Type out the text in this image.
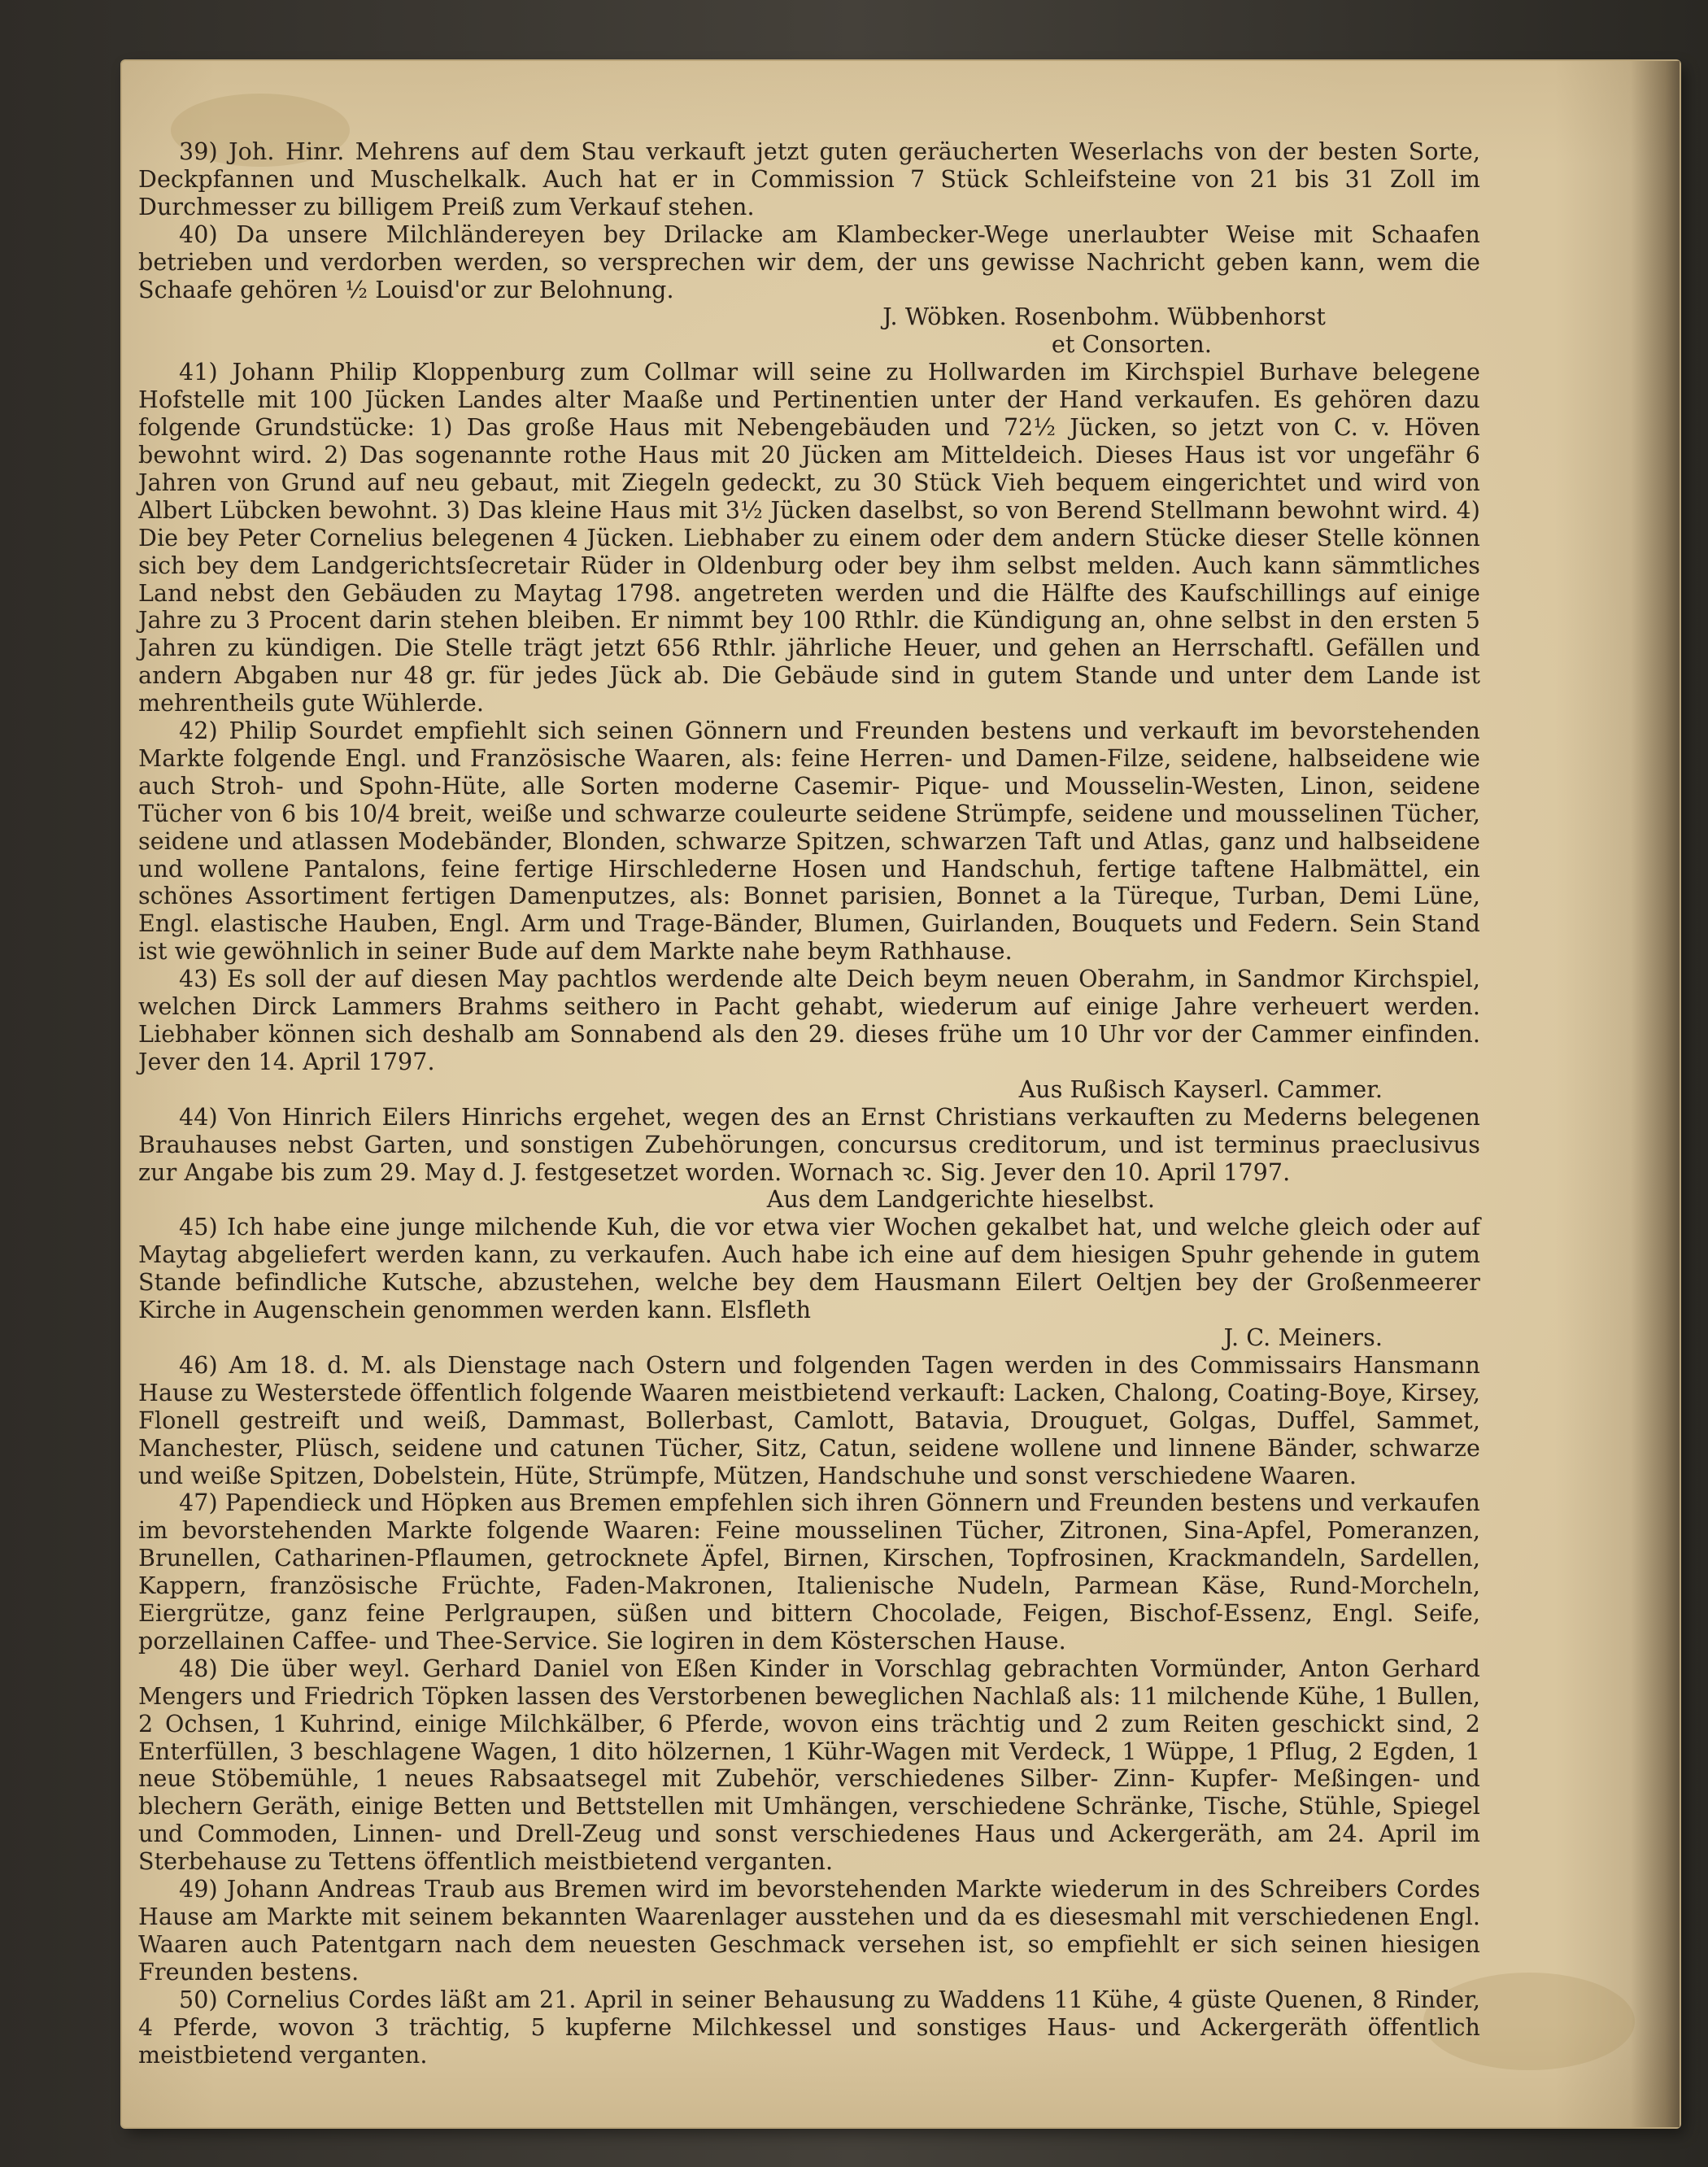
39) Joh. Hinr. Mehrens auf dem Stau verkauft jetzt guten geräucherten Weserlachs von der besten Sorte, Deckpfannen und Muschelkalk. Auch hat er in Commission 7 Stück Schleifsteine von 21 bis 31 Zoll im Durchmesser zu billigem Preiß zum Verkauf stehen.

40) Da unsere Milchländereyen bey Drilacke am Klambecker-Wege unerlaubter Weise mit Schaafen betrieben und verdorben werden, so versprechen wir dem, der uns gewisse Nachricht geben kann, wem die Schaafe gehören ½ Louisd'or zur Belohnung.

J. Wöbken. Rosenbohm. Wübbenhorst

et Consorten.

41) Johann Philip Kloppenburg zum Collmar will seine zu Hollwarden im Kirchspiel Burhave belegene Hofstelle mit 100 Jücken Landes alter Maaße und Pertinentien unter der Hand verkaufen. Es gehören dazu folgende Grundstücke: 1) Das große Haus mit Nebengebäuden und 72½ Jücken, so jetzt von C. v. Höven bewohnt wird. 2) Das sogenannte rothe Haus mit 20 Jücken am Mitteldeich. Dieses Haus ist vor ungefähr 6 Jahren von Grund auf neu gebaut, mit Ziegeln gedeckt, zu 30 Stück Vieh bequem eingerichtet und wird von Albert Lübcken bewohnt. 3) Das kleine Haus mit 3½ Jücken daselbst, so von Berend Stellmann bewohnt wird. 4) Die bey Peter Cornelius belegenen 4 Jücken. Liebhaber zu einem oder dem andern Stücke dieser Stelle können sich bey dem Landgerichtsſecretair Rüder in Oldenburg oder bey ihm selbst melden. Auch kann sämmtliches Land nebst den Gebäuden zu Maytag 1798. angetreten werden und die Hälfte des Kaufschillings auf einige Jahre zu 3 Procent darin stehen bleiben. Er nimmt bey 100 Rthlr. die Kündigung an, ohne selbst in den ersten 5 Jahren zu kündigen. Die Stelle trägt jetzt 656 Rthlr. jährliche Heuer, und gehen an Herrschaftl. Gefällen und andern Abgaben nur 48 gr. für jedes Jück ab. Die Gebäude sind in gutem Stande und unter dem Lande ist mehrentheils gute Wühlerde.

42) Philip Sourdet empfiehlt sich seinen Gönnern und Freunden bestens und verkauft im bevorstehenden Markte folgende Engl. und Französische Waaren, als: feine Herren- und Damen-Filze, seidene, halbseidene wie auch Stroh- und Spohn-Hüte, alle Sorten moderne Casemir- Pique- und Mousselin-Westen, Linon, seidene Tücher von 6 bis 10/4 breit, weiße und schwarze couleurte seidene Strümpfe, seidene und mousselinen Tücher, seidene und atlassen Modebänder, Blonden, schwarze Spitzen, schwarzen Taft und Atlas, ganz und halbseidene und wollene Pantalons, feine fertige Hirschlederne Hosen und Handschuh, fertige taftene Halbmättel, ein schönes Assortiment fertigen Damenputzes, als: Bonnet parisien, Bonnet a la Türeque, Turban, Demi Lüne, Engl. elastische Hauben, Engl. Arm und Trage-Bänder, Blumen, Guirlanden, Bouquets und Federn. Sein Stand ist wie gewöhnlich in seiner Bude auf dem Markte nahe beym Rathhause.

43) Es soll der auf diesen May pachtlos werdende alte Deich beym neuen Oberahm, in Sandmor Kirchspiel, welchen Dirck Lammers Brahms seithero in Pacht gehabt, wiederum auf einige Jahre verheuert werden. Liebhaber können sich deshalb am Sonnabend als den 29. dieses frühe um 10 Uhr vor der Cammer einfinden. Jever den 14. April 1797.

Aus Rußisch Kayserl. Cammer.

44) Von Hinrich Eilers Hinrichs ergehet, wegen des an Ernst Christians verkauften zu Mederns belegenen Brauhauses nebst Garten, und sonstigen Zubehörungen, concursus creditorum, und ist terminus praeclusivus zur Angabe bis zum 29. May d. J. festgesetzet worden. Wornach ꝛc. Sig. Jever den 10. April 1797.

Aus dem Landgerichte hieselbst.

45) Ich habe eine junge milchende Kuh, die vor etwa vier Wochen gekalbet hat, und welche gleich oder auf Maytag abgeliefert werden kann, zu verkaufen. Auch habe ich eine auf dem hiesigen Spuhr gehende in gutem Stande befindliche Kutsche, abzustehen, welche bey dem Hausmann Eilert Oeltjen bey der Großenmeerer Kirche in Augenschein genommen werden kann. Elsfleth

J. C. Meiners.

46) Am 18. d. M. als Dienstage nach Ostern und folgenden Tagen werden in des Commissairs Hansmann Hause zu Westerstede öffentlich folgende Waaren meistbietend verkauft: Lacken, Chalong, Coating-Boye, Kirsey, Flonell gestreift und weiß, Dammast, Bollerbast, Camlott, Batavia, Drouguet, Golgas, Duffel, Sammet, Manchester, Plüsch, seidene und catunen Tücher, Sitz, Catun, seidene wollene und linnene Bänder, schwarze und weiße Spitzen, Dobelstein, Hüte, Strümpfe, Mützen, Handschuhe und sonst verschiedene Waaren.

47) Papendieck und Höpken aus Bremen empfehlen sich ihren Gönnern und Freunden bestens und verkaufen im bevorstehenden Markte folgende Waaren: Feine mousselinen Tücher, Zitronen, Sina-Apfel, Pomeranzen, Brunellen, Catharinen-Pflaumen, getrocknete Äpfel, Birnen, Kirschen, Topfrosinen, Krackmandeln, Sardellen, Kappern, französische Früchte, Faden-Makronen, Italienische Nudeln, Parmean Käse, Rund-Morcheln, Eiergrütze, ganz feine Perlgraupen, süßen und bittern Chocolade, Feigen, Bischof-Essenz, Engl. Seife, porzellainen Caffee- und Thee-Service. Sie logiren in dem Kösterschen Hause.

48) Die über weyl. Gerhard Daniel von Eßen Kinder in Vorschlag gebrachten Vormünder, Anton Gerhard Mengers und Friedrich Töpken lassen des Verstorbenen beweglichen Nachlaß als: 11 milchende Kühe, 1 Bullen, 2 Ochsen, 1 Kuhrind, einige Milchkälber, 6 Pferde, wovon eins trächtig und 2 zum Reiten geschickt sind, 2 Enterfüllen, 3 beschlagene Wagen, 1 dito hölzernen, 1 Kühr-Wagen mit Verdeck, 1 Wüppe, 1 Pflug, 2 Egden, 1 neue Stöbemühle, 1 neues Rabsaatsegel mit Zubehör, verschiedenes Silber- Zinn- Kupfer- Meßingen- und blechern Geräth, einige Betten und Bettstellen mit Umhängen, verschiedene Schränke, Tische, Stühle, Spiegel und Commoden, Linnen- und Drell-Zeug und sonst verschiedenes Haus und Ackergeräth, am 24. April im Sterbehause zu Tettens öffentlich meistbietend verganten.

49) Johann Andreas Traub aus Bremen wird im bevorstehenden Markte wiederum in des Schreibers Cordes Hause am Markte mit seinem bekannten Waarenlager ausstehen und da es diesesmahl mit verschiedenen Engl. Waaren auch Patentgarn nach dem neuesten Geschmack versehen ist, so empfiehlt er sich seinen hiesigen Freunden bestens.

50) Cornelius Cordes läßt am 21. April in seiner Behausung zu Waddens 11 Kühe, 4 güste Quenen, 8 Rinder, 4 Pferde, wovon 3 trächtig, 5 kupferne Milchkessel und sonstiges Haus- und Ackergeräth öffentlich meistbietend verganten.
